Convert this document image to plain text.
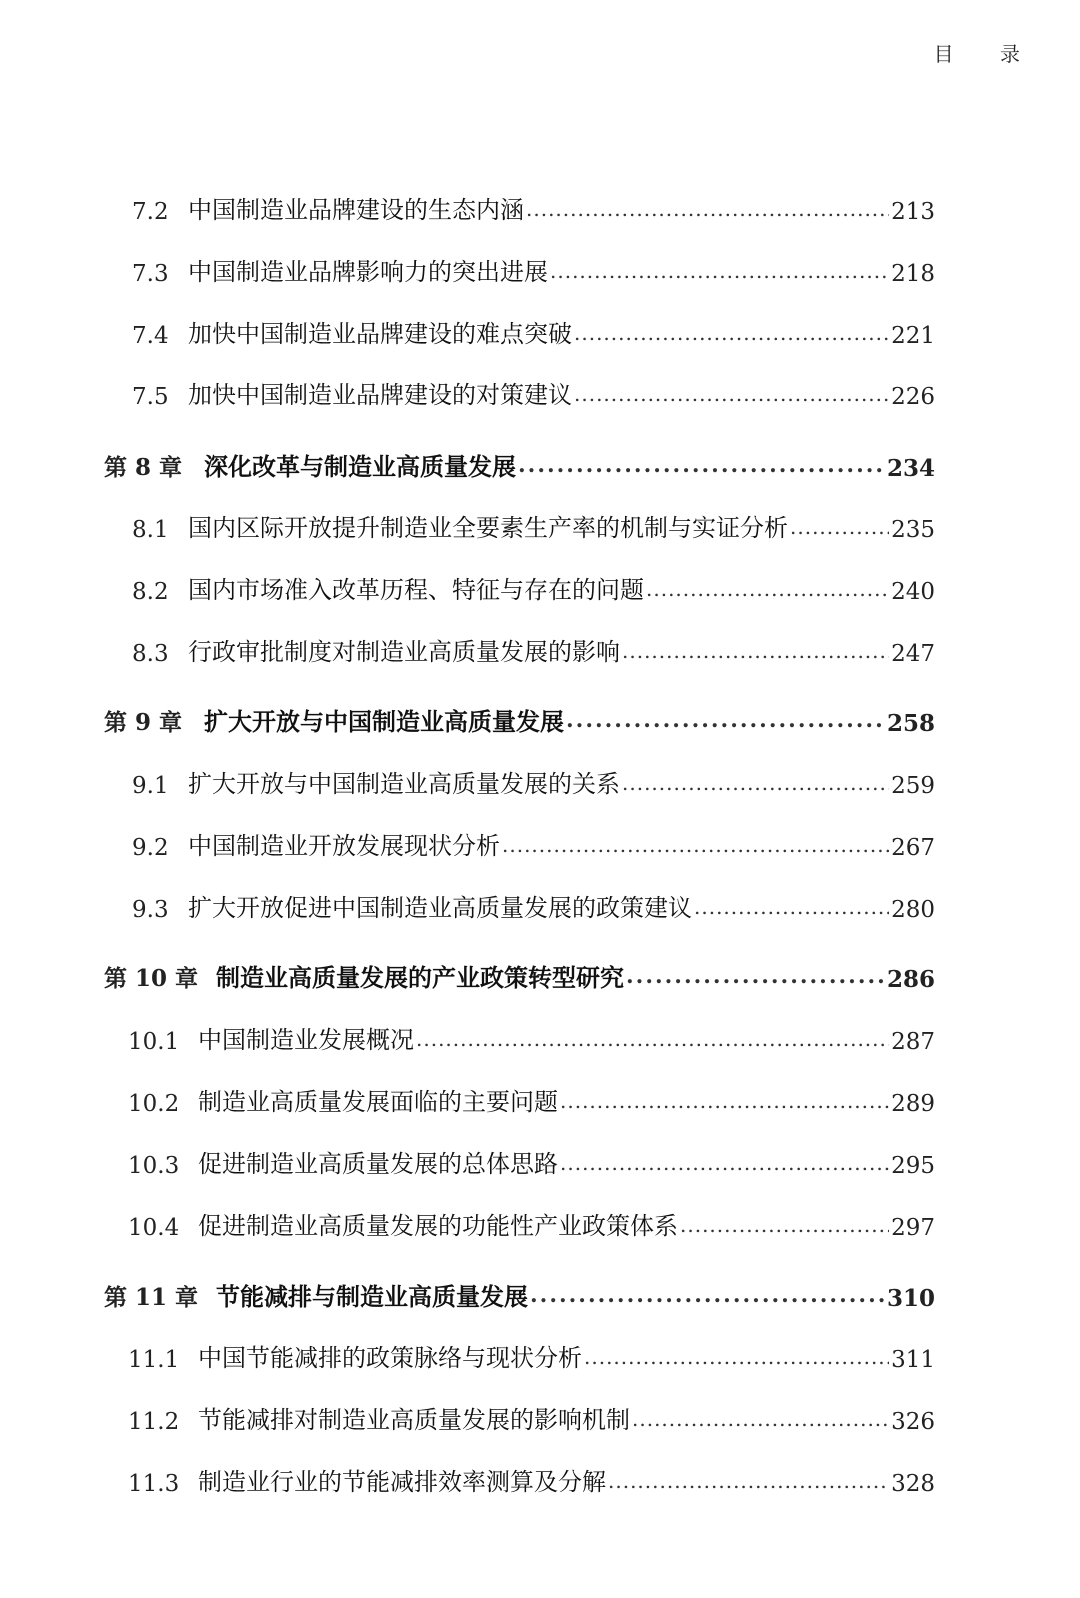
目 录
7.2 中国制造业品牌建设的生态内涵 .....	213
7.3 中国制造业品牌影响力的突出进展 .....	218
7.4 加快中国制造业品牌建设的难点突破 .....	221
7.5 加快中国制造业品牌建设的对策建议 .....	226
第 8 章 深化改革与制造业高质量发展 .....	234
8.1 国内区际开放提升制造业全要素生产率的机制与实证分析 .....	235
8.2 国内市场准入改革历程、特征与存在的问题 .....	240
8.3 行政审批制度对制造业高质量发展的影响 .....	247
第 9 章 扩大开放与中国制造业高质量发展 .....	258
9.1 扩大开放与中国制造业高质量发展的关系 .....	259
9.2 中国制造业开放发展现状分析 .....	267
9.3 扩大开放促进中国制造业高质量发展的政策建议 .....	280
第 10 章 制造业高质量发展的产业政策转型研究 .....	286
10.1 中国制造业发展概况 .....	287
10.2 制造业高质量发展面临的主要问题 .....	289
10.3 促进制造业高质量发展的总体思路 .....	295
10.4 促进制造业高质量发展的功能性产业政策体系 .....	297
第 11 章 节能减排与制造业高质量发展 .....	310
11.1 中国节能减排的政策脉络与现状分析 .....	311
11.2 节能减排对制造业高质量发展的影响机制 .....	326
11.3 制造业行业的节能减排效率测算及分解 .....	328
